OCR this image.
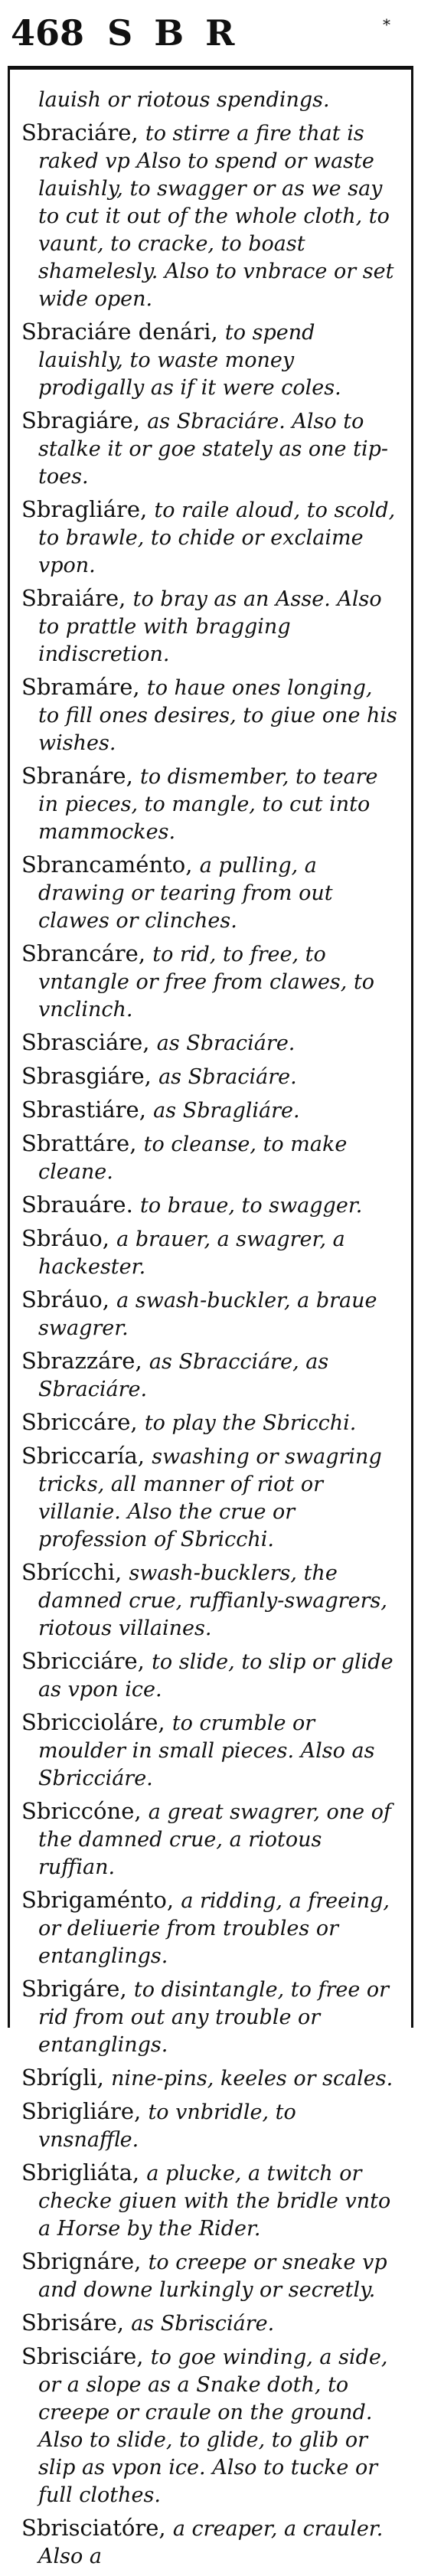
468 SBR	*

lauish or riotous spendings.

Sbraciáre, to stirre a fire that is raked vp Also to spend or waste lauishly, to swagger or as we say to cut it out of the whole cloth, to vaunt, to cracke, to boast shamelesly. Also to vnbrace or set wide open.

Sbraciáre denári, to spend lauishly, to waste money prodigally as if it were coles.

Sbragiáre, as Sbraciáre. Also to stalke it or goe stately as one tip-toes.

Sbragliáre, to raile aloud, to scold, to brawle, to chide or exclaime vpon.

Sbraiáre, to bray as an Asse. Also to prattle with bragging indiscretion.

Sbramáre, to haue ones longing, to fill ones desires, to giue one his wishes.

Sbranáre, to dismember, to teare in pieces, to mangle, to cut into mammockes.

Sbrancaménto, a pulling, a drawing or tearing from out clawes or clinches.

Sbrancáre, to rid, to free, to vntangle or free from clawes, to vnclinch.

Sbrasciáre, as Sbraciáre.

Sbrasgiáre, as Sbraciáre.

Sbrastiáre, as Sbragliáre.

Sbrattáre, to cleanse, to make cleane.

Sbrauáre. to braue, to swagger.

Sbráuo, a brauer, a swagrer, a hackester.

Sbráuo, a swash-buckler, a braue swagrer.

Sbrazzáre, as Sbracciáre, as Sbraciáre.

Sbriccáre, to play the Sbricchi.

Sbriccaría, swashing or swagring tricks, all manner of riot or villanie. Also the crue or profession of Sbricchi.

Sbrícchi, swash-bucklers, the damned crue, ruffianly-swagrers, riotous villaines.

Sbricciáre, to slide, to slip or glide as vpon ice.

Sbriccioláre, to crumble or moulder in small pieces. Also as Sbricciáre.

Sbriccóne, a great swagrer, one of the damned crue, a riotous ruffian.

Sbrigaménto, a ridding, a freeing, or deliuerie from troubles or entanglings.

Sbrigáre, to disintangle, to free or rid from out any trouble or entanglings.

Sbrígli, nine-pins, keeles or scales.

Sbrigliáre, to vnbridle, to vnsnaffle.

Sbrigliáta, a plucke, a twitch or checke giuen with the bridle vnto a Horse by the Rider.

Sbrignáre, to creepe or sneake vp and downe lurkingly or secretly.

Sbrisáre, as Sbrisciáre.

Sbrisciáre, to goe winding, a side, or a slope as a Snake doth, to creepe or craule on the ground. Also to slide, to glide, to glib or slip as vpon ice. Also to tucke or full clothes.

Sbrisciatóre, a creaper, a crauler. Also a
